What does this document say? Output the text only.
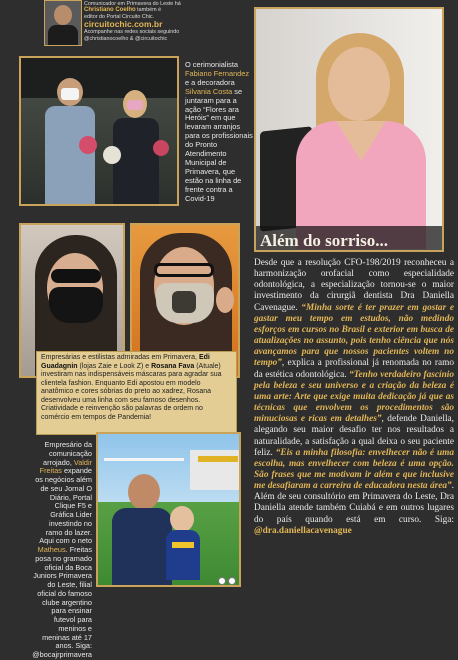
Comunicador em Primavera do Leste há
Christiano Coelho também é
editor do Portal Circuito Chic.
circuitochic.com.br
Acompanhe nas redes sociais seguindo
@christianocoelho & @circuitochic
O cerimonialista Fabiano Fernandez e a decoradora Silvania Costa se juntaram para a ação “Flores ara Heróis” em que levaram arranjos para os profissionais do Pronto Atendimento Municipal de Primavera, que estão na linha de frente contra a Covid-19
Além do sorriso...
Empresárias e estilistas admiradas em Primavera, Edi Guadagnin (lojas Zaie e Look Z) e Rosana Fava (Atuale) investiram nas indispensáveis máscaras para agradar sua clientela fashion. Enquanto Edi apostou em modelo anatômico e cores sóbrias do preto ao xadrez, Rosana desenvolveu uma linha com seu famoso desenhos. Criatividade e reinvenção são palavras de ordem no comércio em tempos de Pandemia!
Empresário da comunicação arrojado, Valdir Freitas expande os negócios além de seu Jornal O Diário, Portal Clique F5 e Gráfica Lider investindo no ramo do lazer. Aqui com o neto Matheus. Freitas posa no gramado oficial da Boca Juniors Primavera do Leste, filial oficial do famoso clube argentino para ensinar futevol para meninos e meninas até 17 anos. Siga: @bocajrprimavera
Desde que a resolução CFO-198/2019 reconheceu a harmonização orofacial como especialidade odontológica, a especialização tornou-se o maior investimento da cirurgiã dentista Dra Daniella Cavenague. “Minha sorte é ter prazer em gostar e gastar meu tempo em estudos, não medindo esforços em cursos no Brasil e exterior em busca de atualizações no assunto, pois tenho ciência que nós avançamos para que nossos pacientes voltem no tempo”, explica a profissional já renomada no ramo da estética odontológica. “Tenho verdadeiro fascínio pela beleza e seu universo e a criação da beleza é uma arte: Arte que exige muita dedicação já que as técnicas que envolvem os procedimentos são minuciosas e ricas em detalhes”, defende Daniella, alegando seu maior desafio ter nos resultados a naturalidade, a satisfação a qual deixa o seu paciente feliz. “Eis a minha filosofia: envelhecer não é uma escolha, mas envelhecer com beleza é uma opção. São frases que me motivam ir além e que inclusive me desafiaram a carreira de educadora nesta área”. Além de seu consultório em Primavera do Leste, Dra Daniella atende também Cuiabá e em outros lugares do país quando está em curso. Siga: @dra.daniellacavenague
